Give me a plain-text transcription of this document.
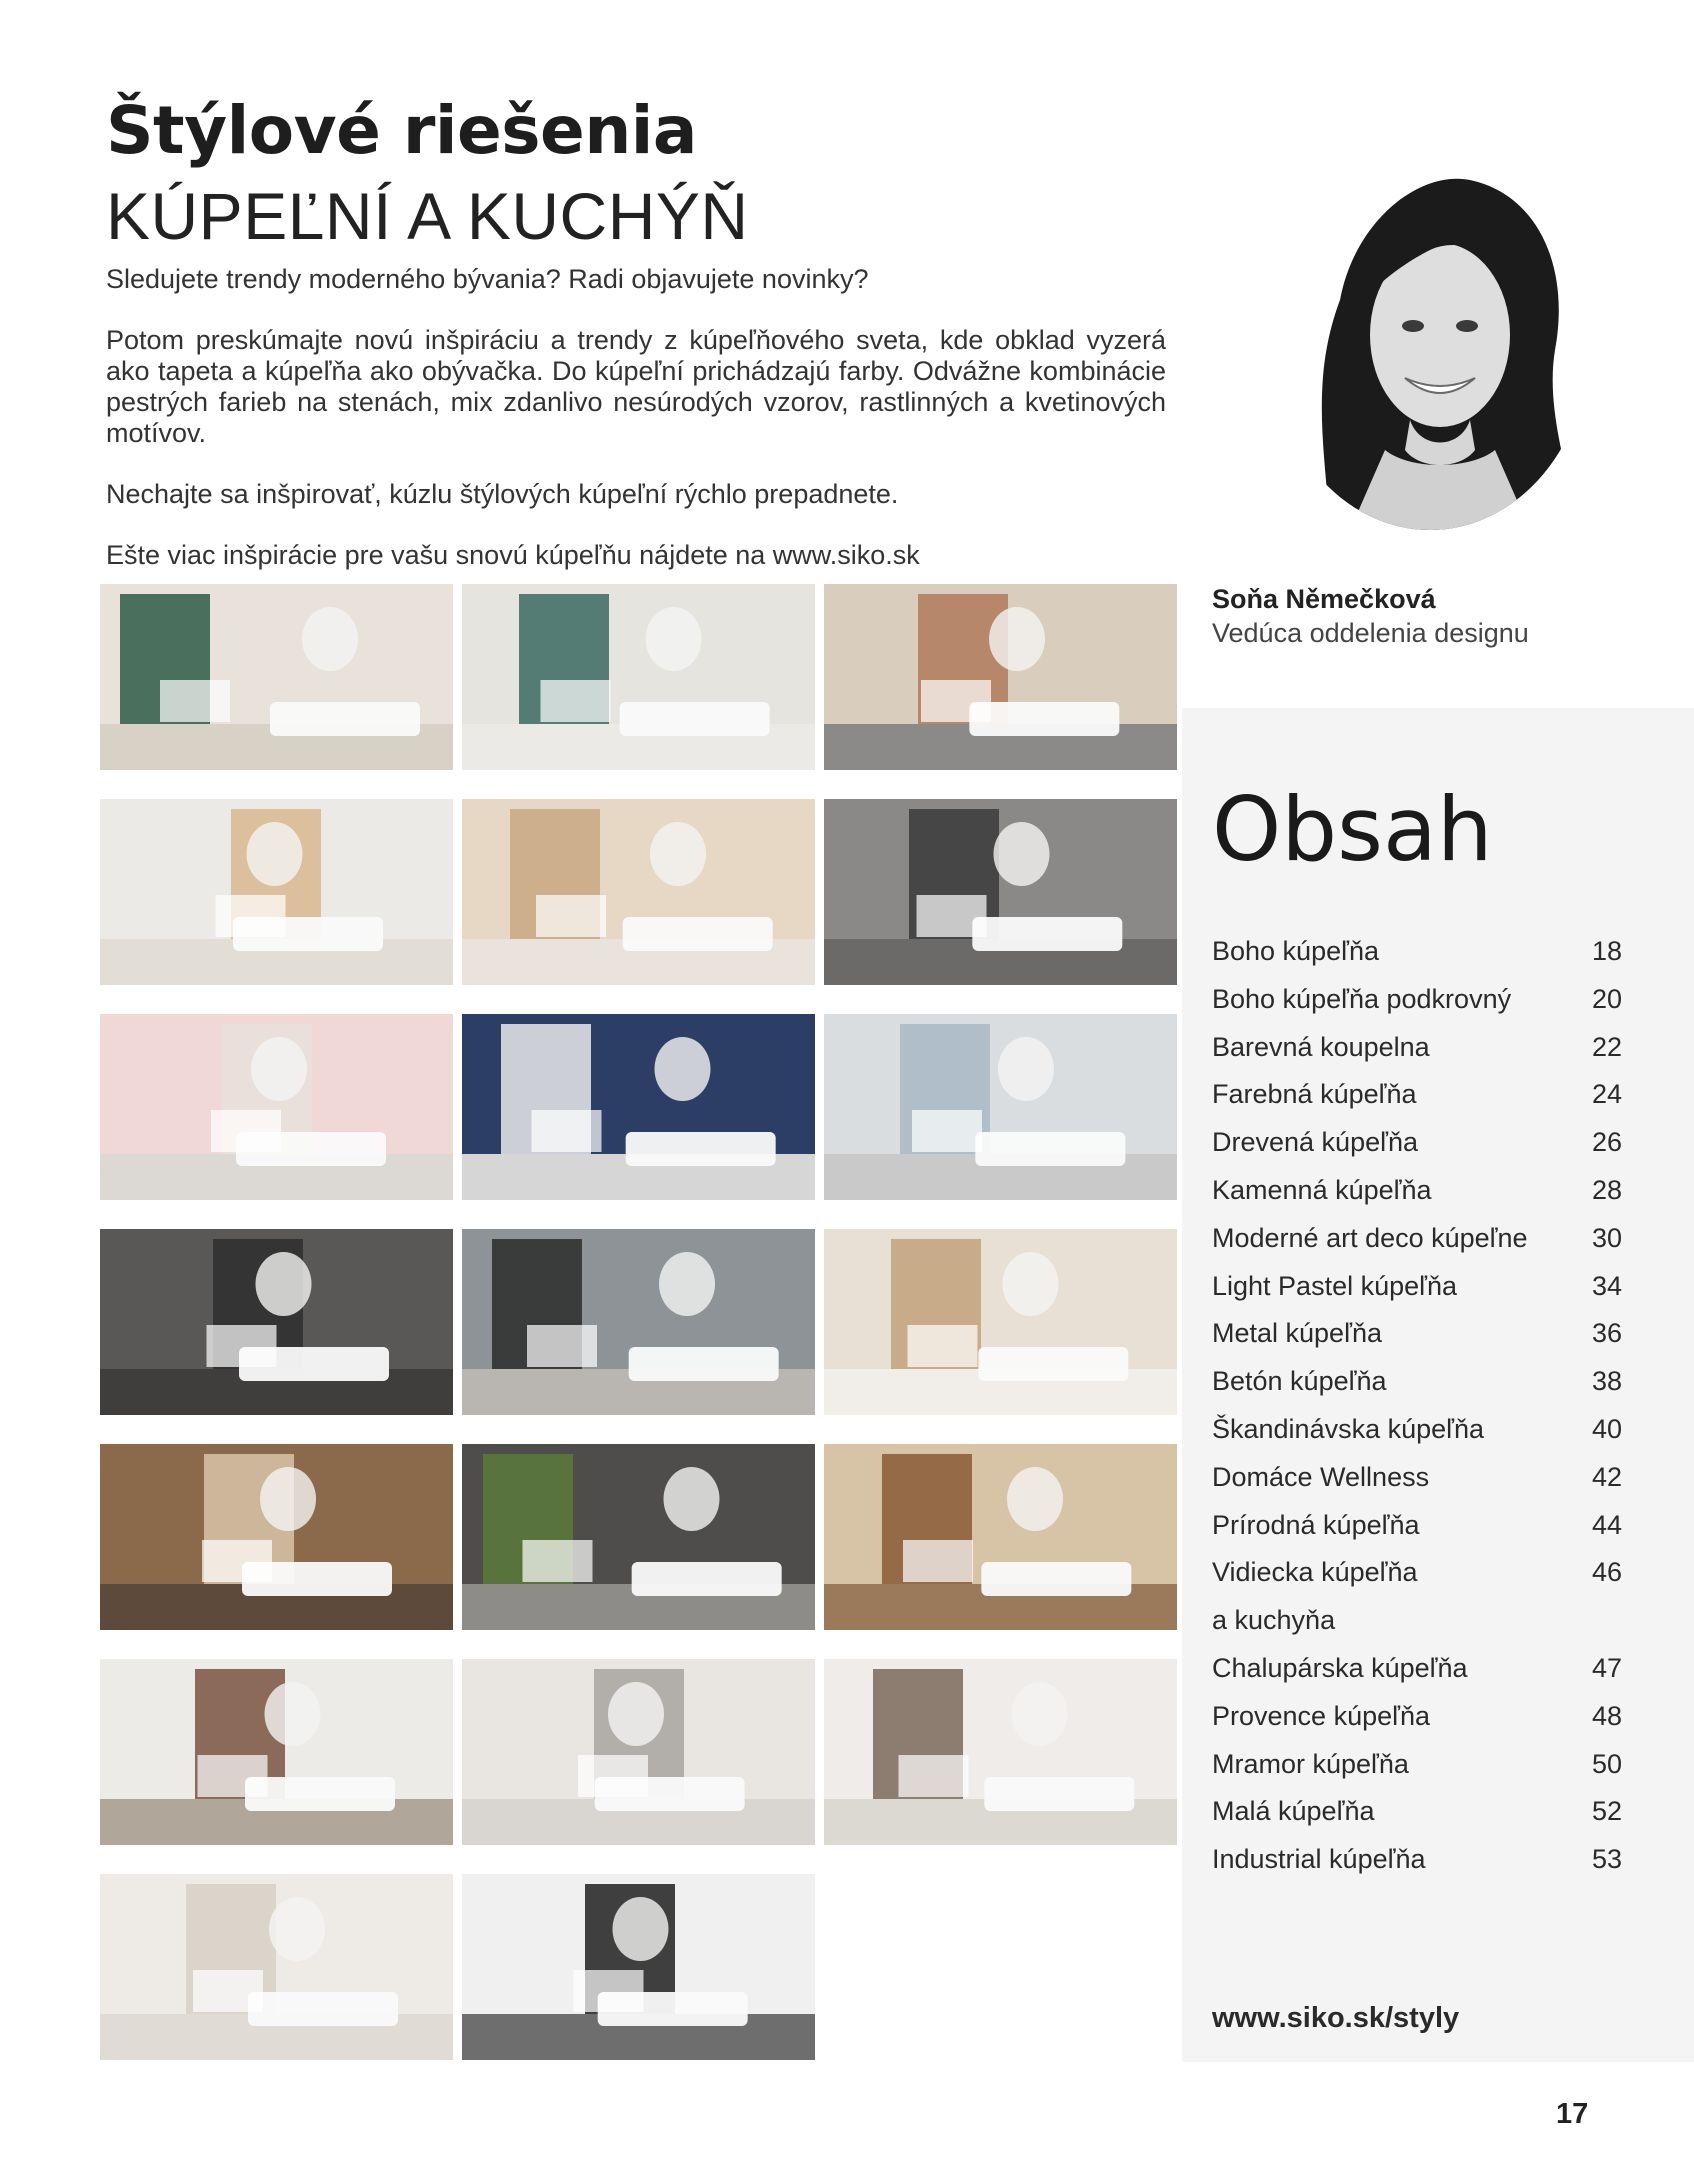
Štýlové riešenia
KÚPEĽNÍ A KUCHÝŇ

Sledujete trendy moderného bývania? Radi objavujete novinky?

Potom preskúmajte novú inšpiráciu a trendy z kúpeľňového sveta, kde obklad vyzerá ako tapeta a kúpeľňa ako obývačka. Do kúpeľní prichádzajú farby. Odvážne kombinácie pestrých farieb na stenách, mix zdanlivo nesúrodých vzorov, rastlinných a kvetinových motívov.

Nechajte sa inšpirovať, kúzlu štýlových kúpeľní rýchlo prepadnete.

Ešte viac inšpirácie pre vašu snovú kúpeľňu nájdete na www.siko.sk

Soňa Němečková
Vedúca oddelenia designu
Obsah
Boho kúpeľňa	18
Boho kúpeľňa podkrovný	20
Barevná koupelna	22
Farebná kúpeľňa	24
Drevená kúpeľňa	26
Kamenná kúpeľňa	28
Moderné art deco kúpeľne 30
Light Pastel kúpeľňa	34
Metal kúpeľňa	36
Betón kúpeľňa	38
Škandinávska kúpeľňa	40
Domáce Wellness	42
Prírodná kúpeľňa	44
Vidiecka kúpeľňa	46
a kuchyňa
Chalupárska kúpeľňa	47
Provence kúpeľňa	48
Mramor kúpeľňa	50
Malá kúpeľňa	52
Industrial kúpeľňa	53
www.siko.sk/styly
17
